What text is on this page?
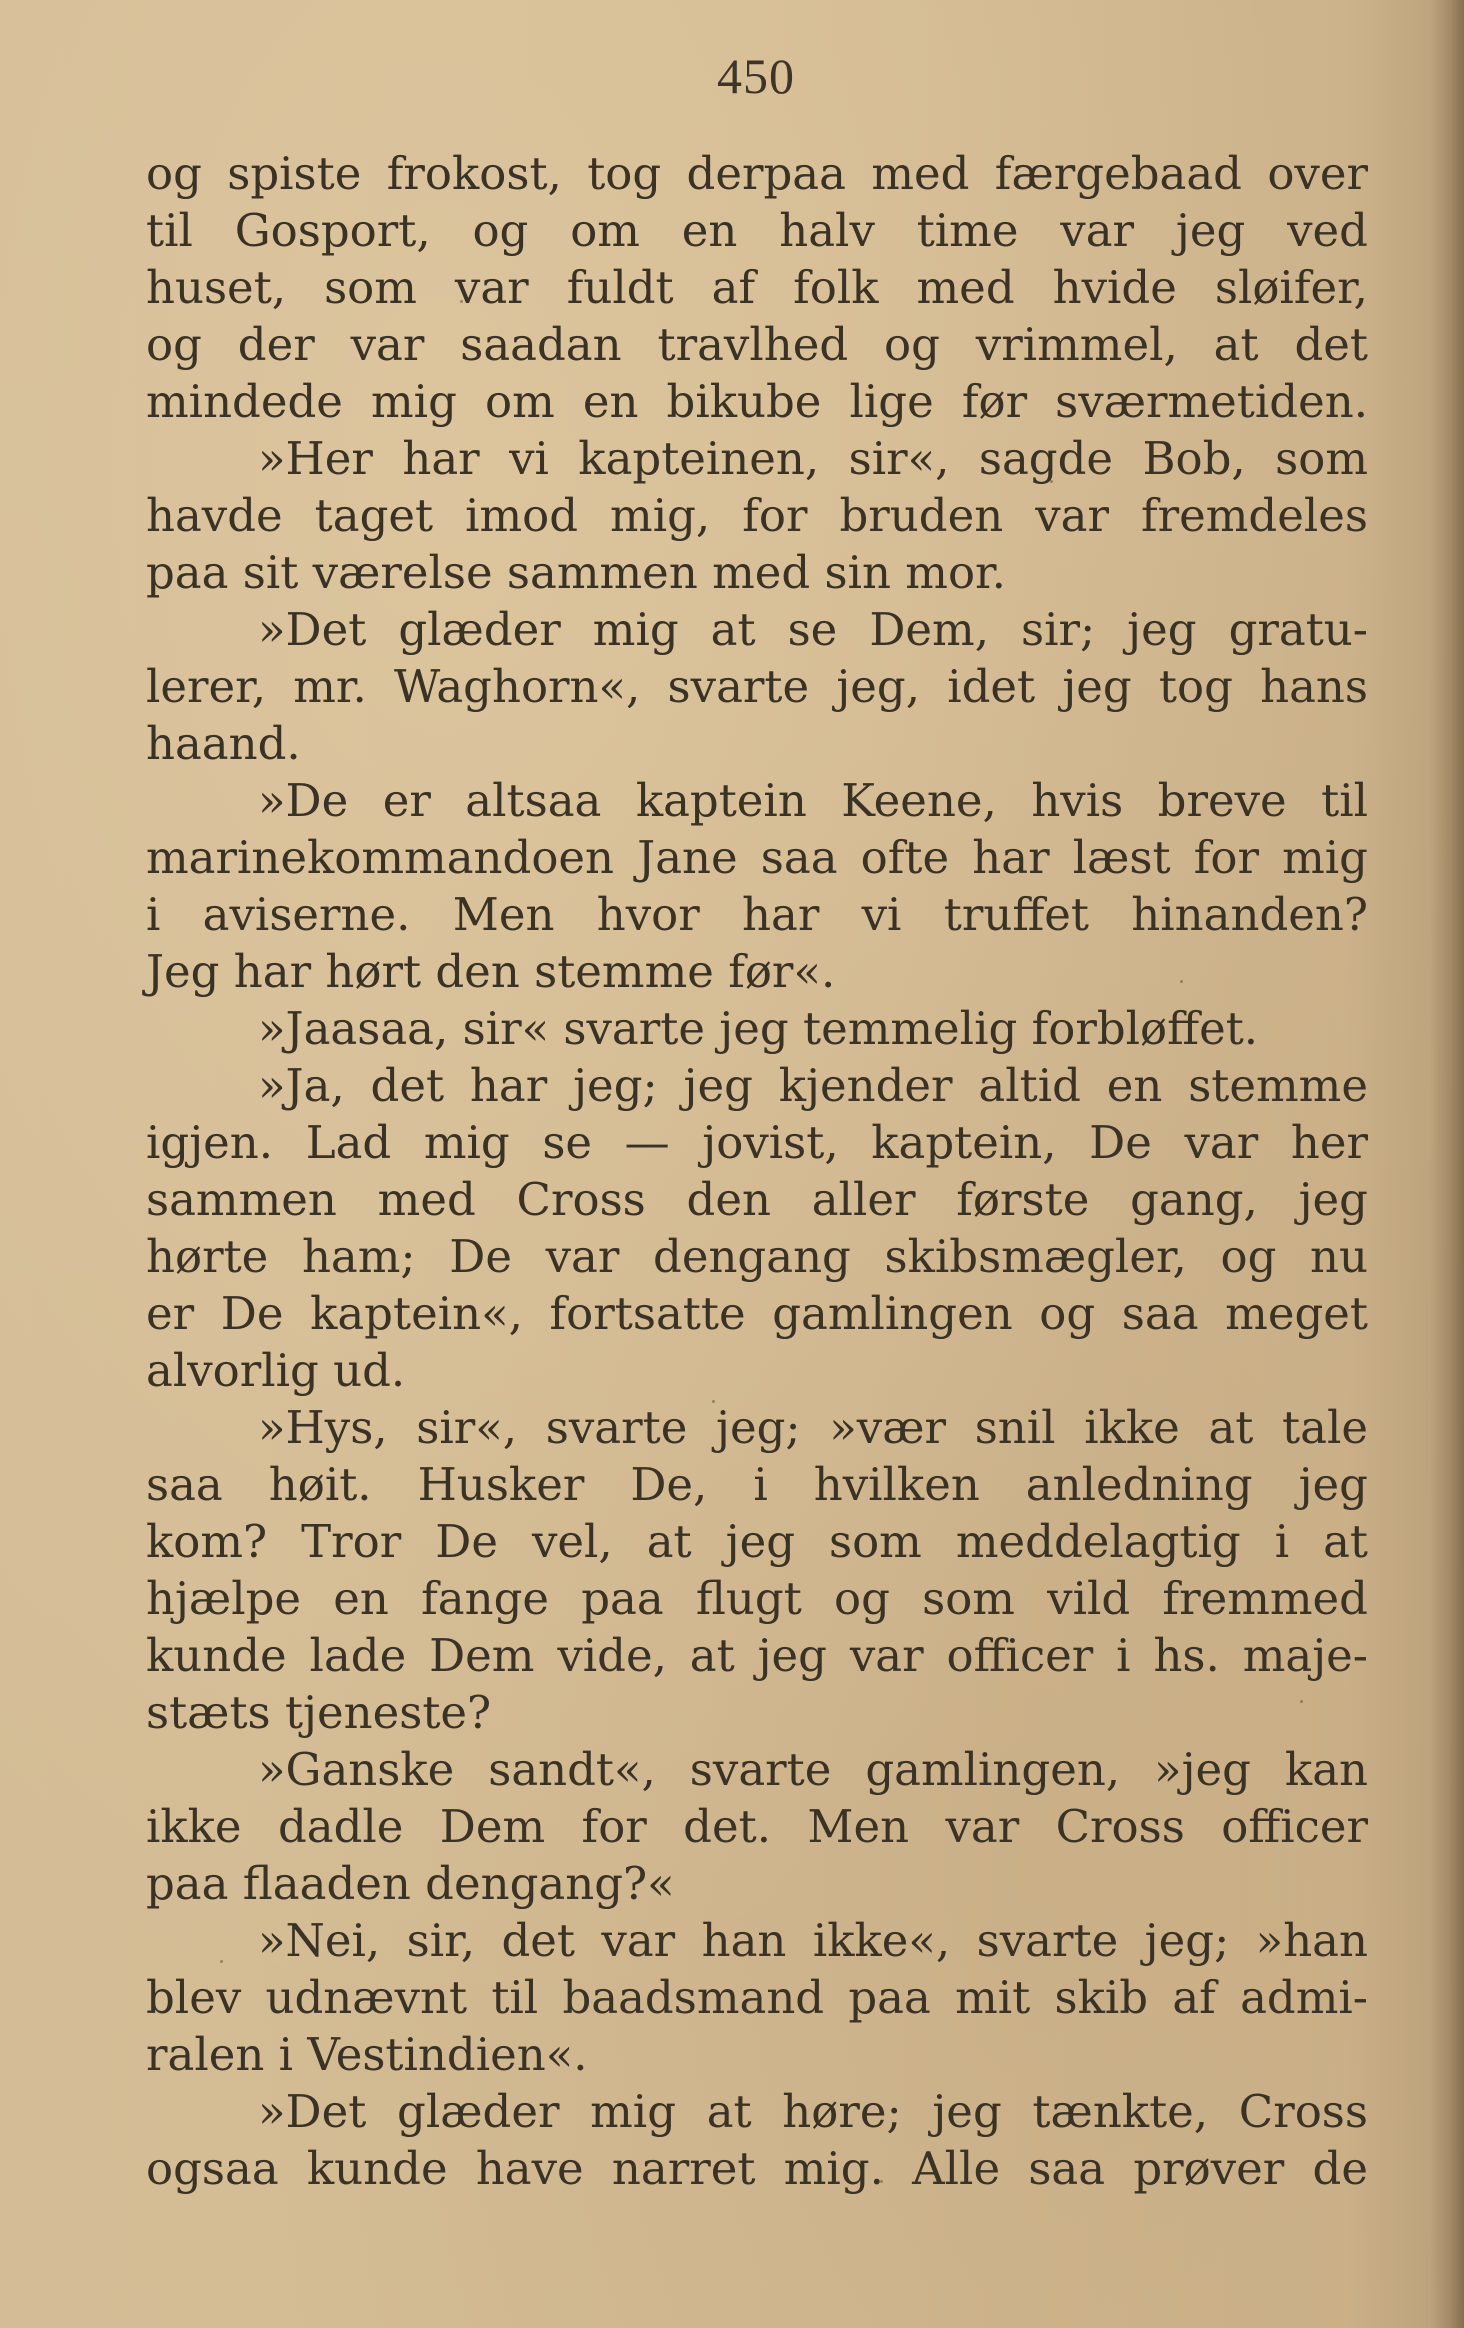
450
og spiste frokost, tog derpaa med færgebaad over
til Gosport, og om en halv time var jeg ved
huset, som var fuldt af folk med hvide sløifer,
og der var saadan travlhed og vrimmel, at det
mindede mig om en bikube lige før sværmetiden.
»Her har vi kapteinen, sir«, sagde Bob, som
havde taget imod mig, for bruden var fremdeles
paa sit værelse sammen med sin mor.
»Det glæder mig at se Dem, sir; jeg gratu-
lerer, mr. Waghorn«, svarte jeg, idet jeg tog hans
haand.
»De er altsaa kaptein Keene, hvis breve til
marinekommandoen Jane saa ofte har læst for mig
i aviserne. Men hvor har vi truffet hinanden?
Jeg har hørt den stemme før«.
»Jaasaa, sir« svarte jeg temmelig forbløffet.
»Ja, det har jeg; jeg kjender altid en stemme
igjen. Lad mig se — jovist, kaptein, De var her
sammen med Cross den aller første gang, jeg
hørte ham; De var dengang skibsmægler, og nu
er De kaptein«, fortsatte gamlingen og saa meget
alvorlig ud.
»Hys, sir«, svarte jeg; »vær snil ikke at tale
saa høit. Husker De, i hvilken anledning jeg
kom? Tror De vel, at jeg som meddelagtig i at
hjælpe en fange paa flugt og som vild fremmed
kunde lade Dem vide, at jeg var officer i hs. maje-
stæts tjeneste?
»Ganske sandt«, svarte gamlingen, »jeg kan
ikke dadle Dem for det. Men var Cross officer
paa flaaden dengang?«
»Nei, sir, det var han ikke«, svarte jeg; »han
blev udnævnt til baadsmand paa mit skib af admi-
ralen i Vestindien«.
»Det glæder mig at høre; jeg tænkte, Cross
ogsaa kunde have narret mig. Alle saa prøver de
